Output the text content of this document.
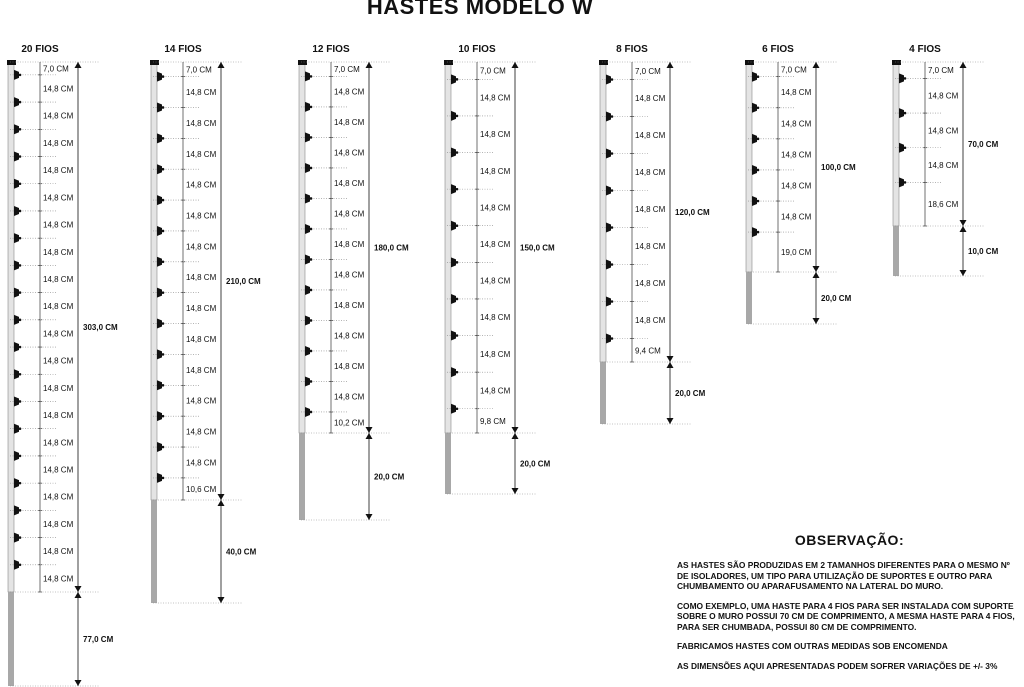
HASTES MODELO W
20 FIOS
7,0 CM
14,8 CM
14,8 CM
14,8 CM
14,8 CM
14,8 CM
14,8 CM
14,8 CM
14,8 CM
14,8 CM
14,8 CM
14,8 CM
14,8 CM
14,8 CM
14,8 CM
14,8 CM
14,8 CM
14,8 CM
14,8 CM
14,8 CM
303,0 CM
77,0 CM
14 FIOS
7,0 CM
14,8 CM
14,8 CM
14,8 CM
14,8 CM
14,8 CM
14,8 CM
14,8 CM
14,8 CM
14,8 CM
14,8 CM
14,8 CM
14,8 CM
14,8 CM
10,6 CM
210,0 CM
40,0 CM
12 FIOS
7,0 CM
14,8 CM
14,8 CM
14,8 CM
14,8 CM
14,8 CM
14,8 CM
14,8 CM
14,8 CM
14,8 CM
14,8 CM
14,8 CM
10,2 CM
180,0 CM
20,0 CM
10 FIOS
7,0 CM
14,8 CM
14,8 CM
14,8 CM
14,8 CM
14,8 CM
14,8 CM
14,8 CM
14,8 CM
14,8 CM
9,8 CM
150,0 CM
20,0 CM
8 FIOS
7,0 CM
14,8 CM
14,8 CM
14,8 CM
14,8 CM
14,8 CM
14,8 CM
14,8 CM
9,4 CM
120,0 CM
20,0 CM
6 FIOS
7,0 CM
14,8 CM
14,8 CM
14,8 CM
14,8 CM
14,8 CM
19,0 CM
100,0 CM
20,0 CM
4 FIOS
7,0 CM
14,8 CM
14,8 CM
14,8 CM
18,6 CM
70,0 CM
10,0 CM
OBSERVAÇÃO:

AS HASTES SÃO PRODUZIDAS EM 2 TAMANHOS DIFERENTES PARA O MESMO Nº DE ISOLADORES, UM TIPO PARA UTILIZAÇÃO DE SUPORTES E OUTRO PARA CHUMBAMENTO OU APARAFUSAMENTO NA LATERAL DO MURO.

COMO EXEMPLO, UMA HASTE PARA 4 FIOS PARA SER INSTALADA COM SUPORTE SOBRE O MURO POSSUI 70 CM DE COMPRIMENTO, A MESMA HASTE PARA 4 FIOS, PARA SER CHUMBADA, POSSUI 80 CM DE COMPRIMENTO.

FABRICAMOS HASTES COM OUTRAS MEDIDAS SOB ENCOMENDA

AS DIMENSÕES AQUI APRESENTADAS PODEM SOFRER VARIAÇÕES DE +/- 3%
